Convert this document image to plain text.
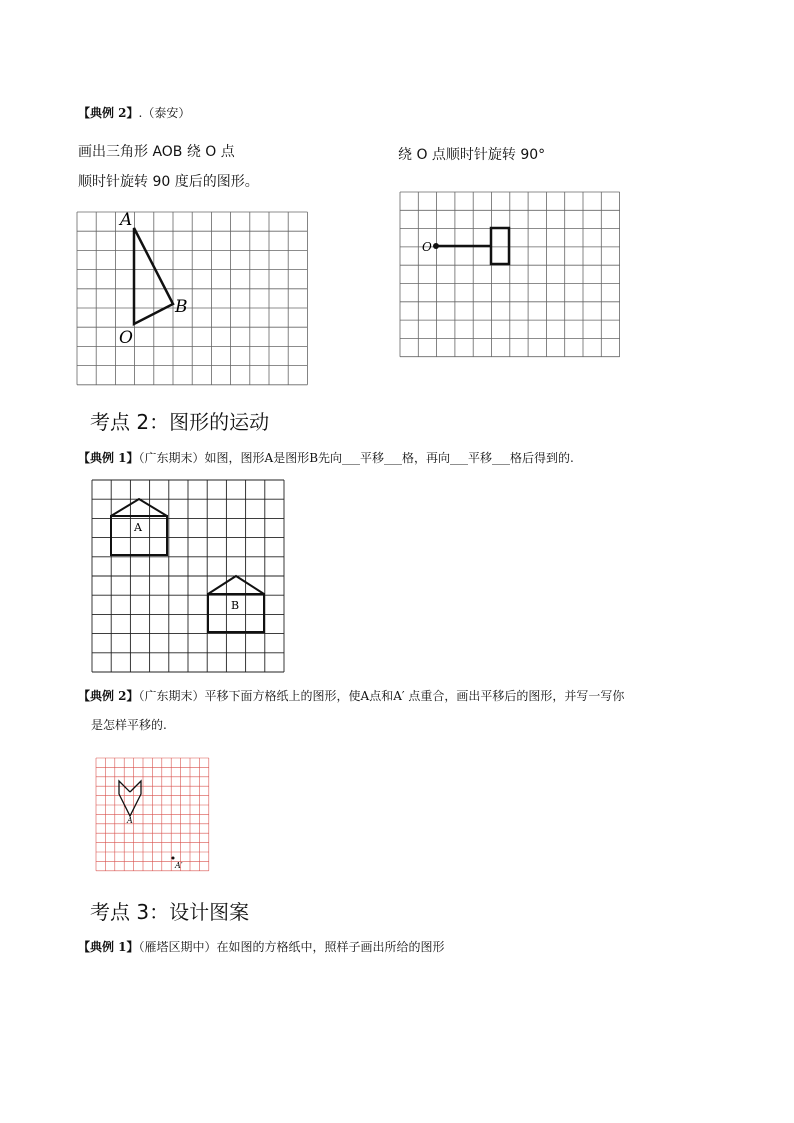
【典例 2】.（泰安）
画出三角形 AOB 绕 O 点
顺时针旋转 90 度后的图形。
绕 O 点顺时针旋转 90°
A
B
O
O
考点 2：图形的运动
【典例 1】（广东期末）如图，图形A是图形B先向___平移___格，再向___平移___格后得到的.
A
B
【典例 2】（广东期末）平移下面方格纸上的图形，使A点和A′ 点重合，画出平移后的图形，并写一写你
是怎样平移的.
A
A′
考点 3：设计图案
【典例 1】（雁塔区期中）在如图的方格纸中，照样子画出所给的图形
